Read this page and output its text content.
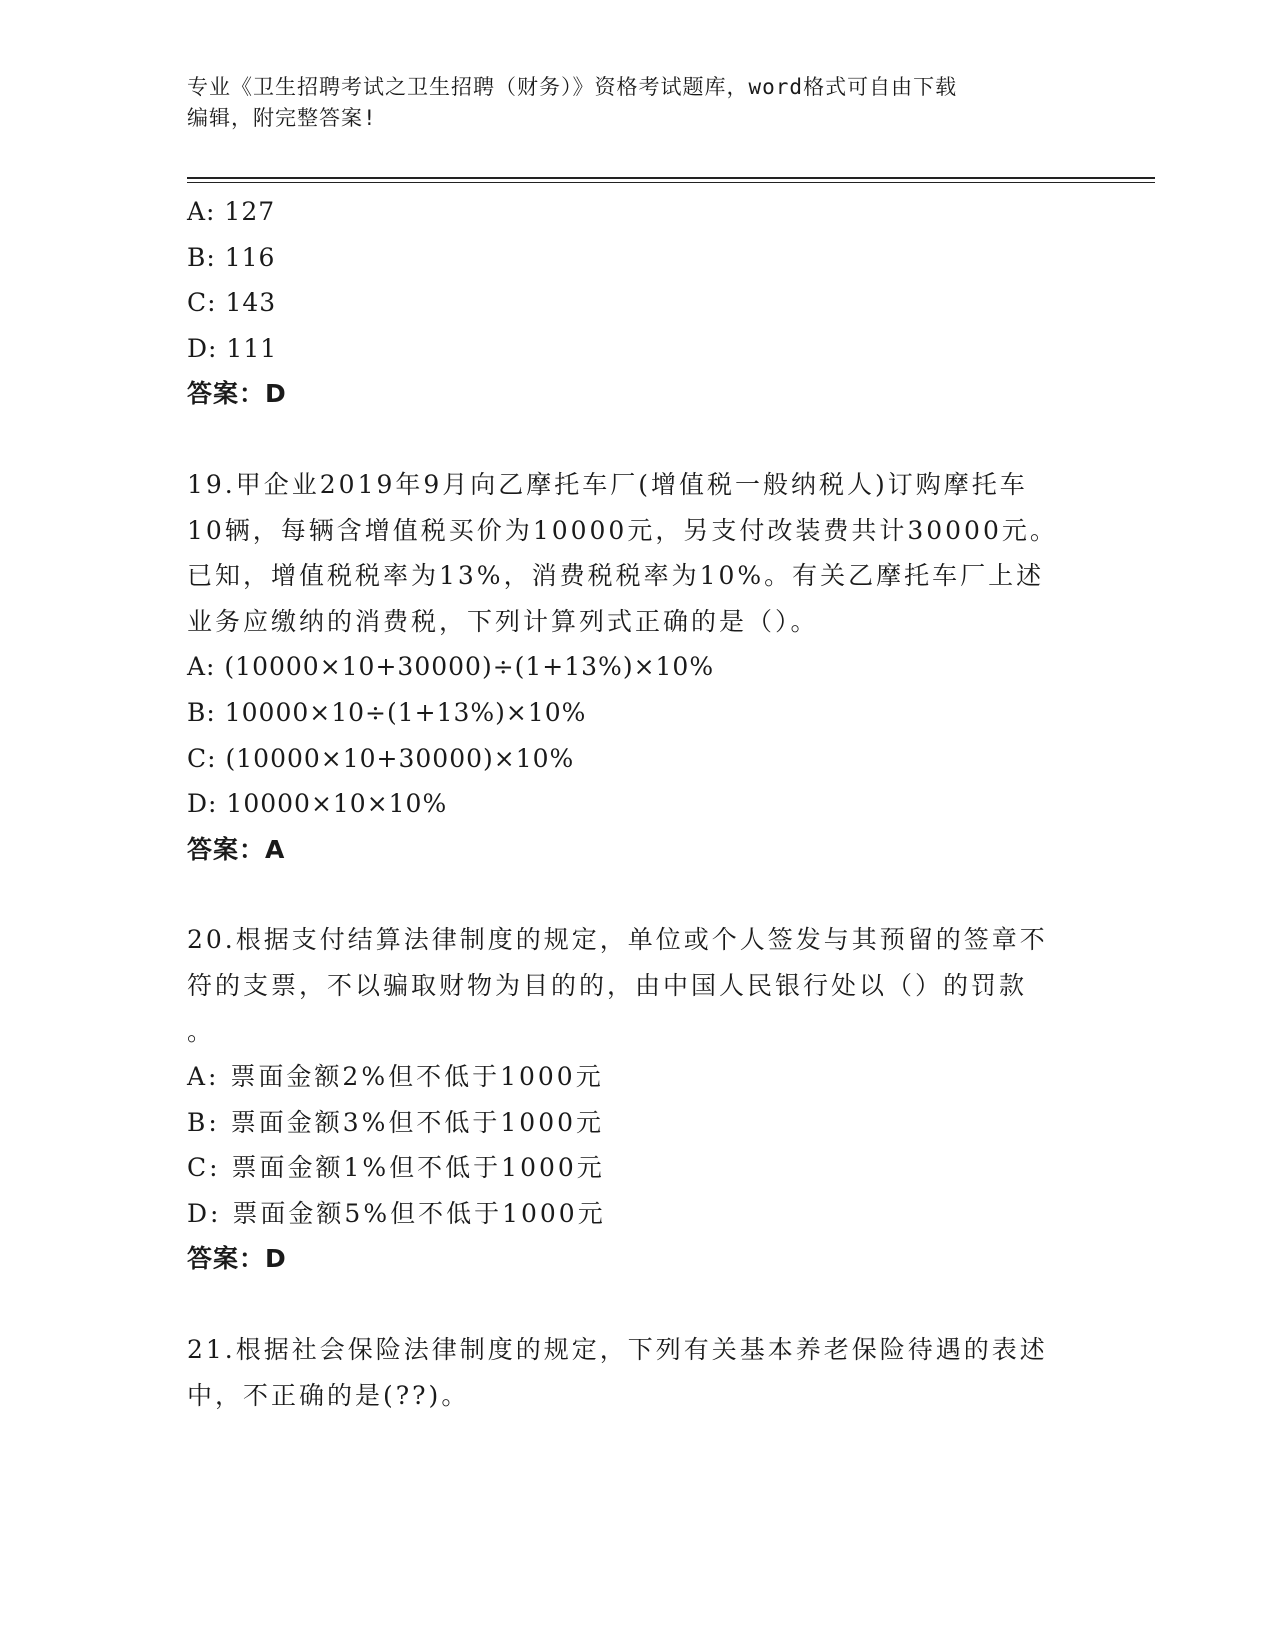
专业《卫生招聘考试之卫生招聘（财务）》资格考试题库，word格式可自由下载
编辑，附完整答案!
A: 127
B: 116
C: 143
D: 111
答案：D
19.甲企业2019年9月向乙摩托车厂(增值税一般纳税人)订购摩托车
10辆，每辆含增值税买价为10000元，另支付改装费共计30000元。
已知，增值税税率为13%，消费税税率为10%。有关乙摩托车厂上述
业务应缴纳的消费税，下列计算列式正确的是（）。
A: (10000×10+30000)÷(1+13%)×10%
B: 10000×10÷(1+13%)×10%
C: (10000×10+30000)×10%
D: 10000×10×10%
答案：A
20.根据支付结算法律制度的规定，单位或个人签发与其预留的签章不
符的支票，不以骗取财物为目的的，由中国人民银行处以（）的罚款
。
A: 票面金额2%但不低于1000元
B: 票面金额3%但不低于1000元
C: 票面金额1%但不低于1000元
D: 票面金额5%但不低于1000元
答案：D
21.根据社会保险法律制度的规定，下列有关基本养老保险待遇的表述
中，不正确的是(??)。
